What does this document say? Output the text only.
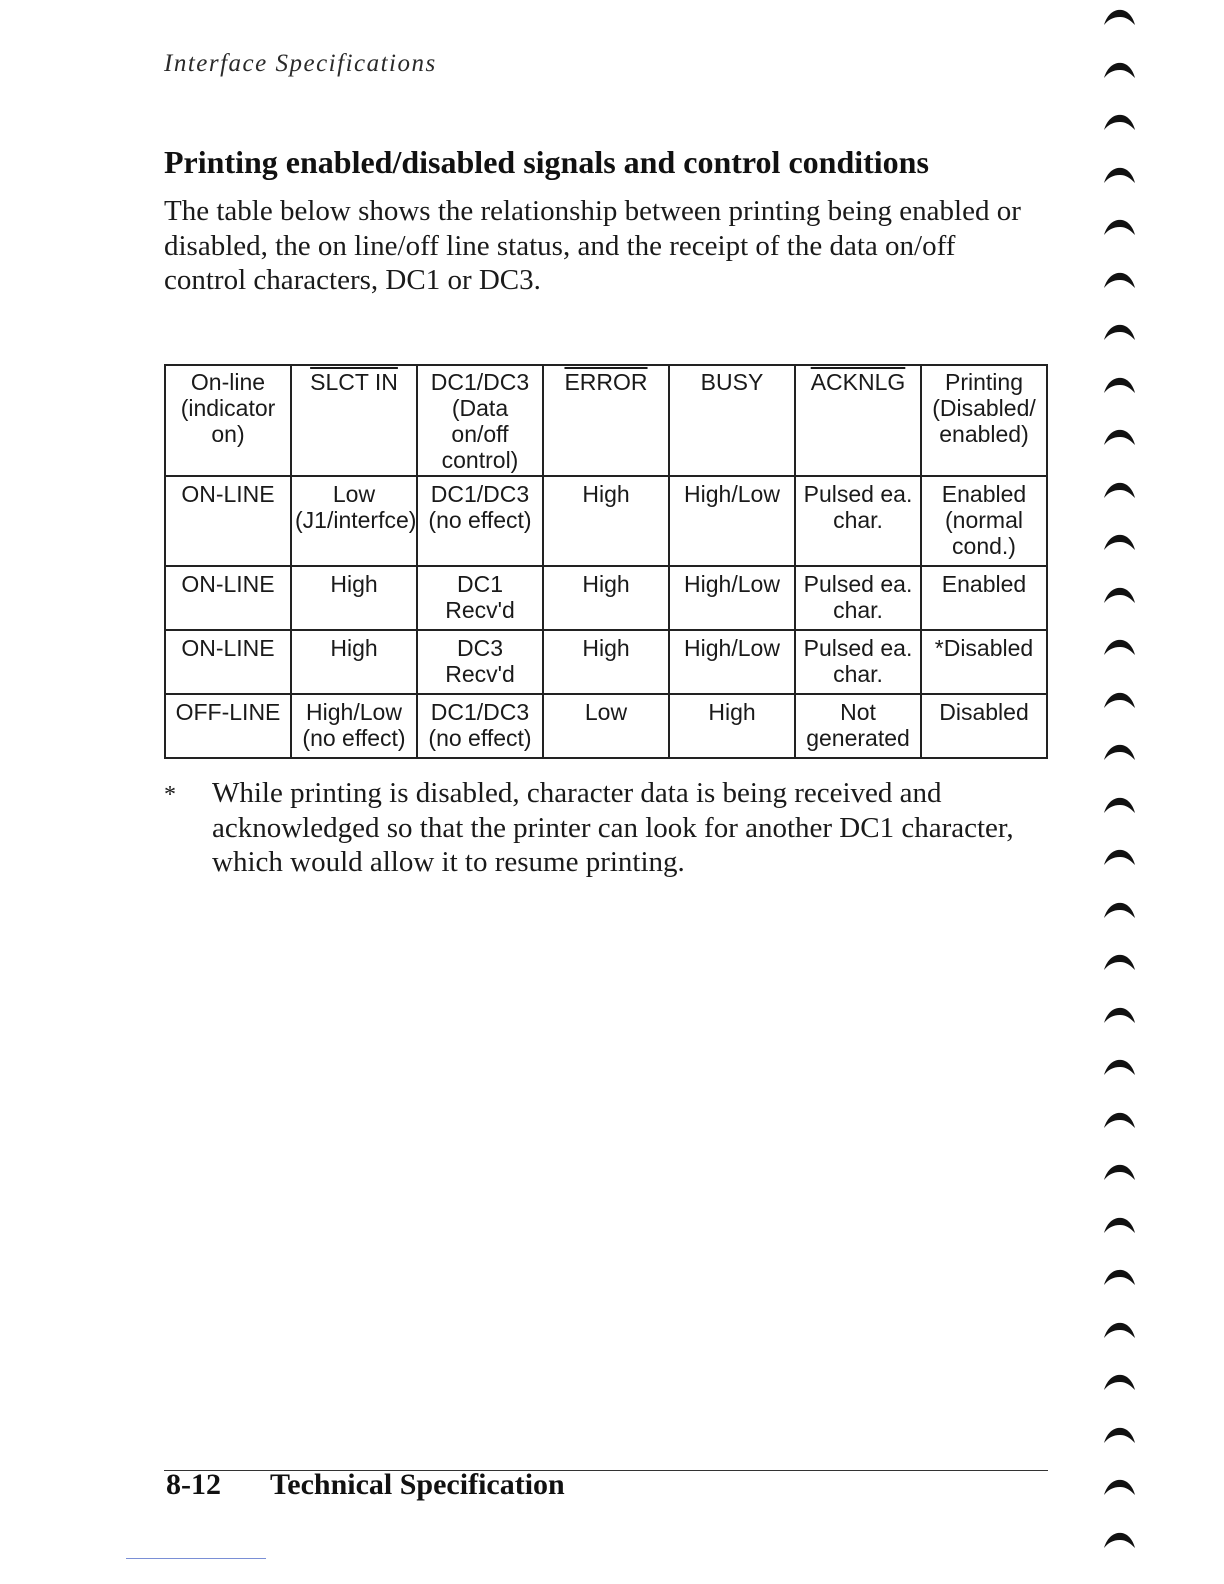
Interface Specifications
Printing enabled/disabled signals and control conditions

The table below shows the relationship between printing being enabled or disabled, the on line/off line status, and the receipt of the data on/off control characters, DC1 or DC3.

On-line (indicator on)	SLCT IN	DC1/DC3 (Data on/off control)	ERROR	BUSY	ACKNLG	Printing (Disabled/ enabled)
ON-LINE	Low (J1/interfce)	DC1/DC3 (no effect)	High	High/Low	Pulsed ea. char.	Enabled (normal cond.)
ON-LINE	High	DC1 Recv'd	High	High/Low	Pulsed ea. char.	Enabled
ON-LINE	High	DC3 Recv'd	High	High/Low	Pulsed ea. char.	*Disabled
OFF-LINE	High/Low (no effect)	DC1/DC3 (no effect)	Low	High	Not generated	Disabled
* While printing is disabled, character data is being received and acknowledged so that the printer can look for another DC1 character, which would allow it to resume printing.
8-12 Technical Specification
